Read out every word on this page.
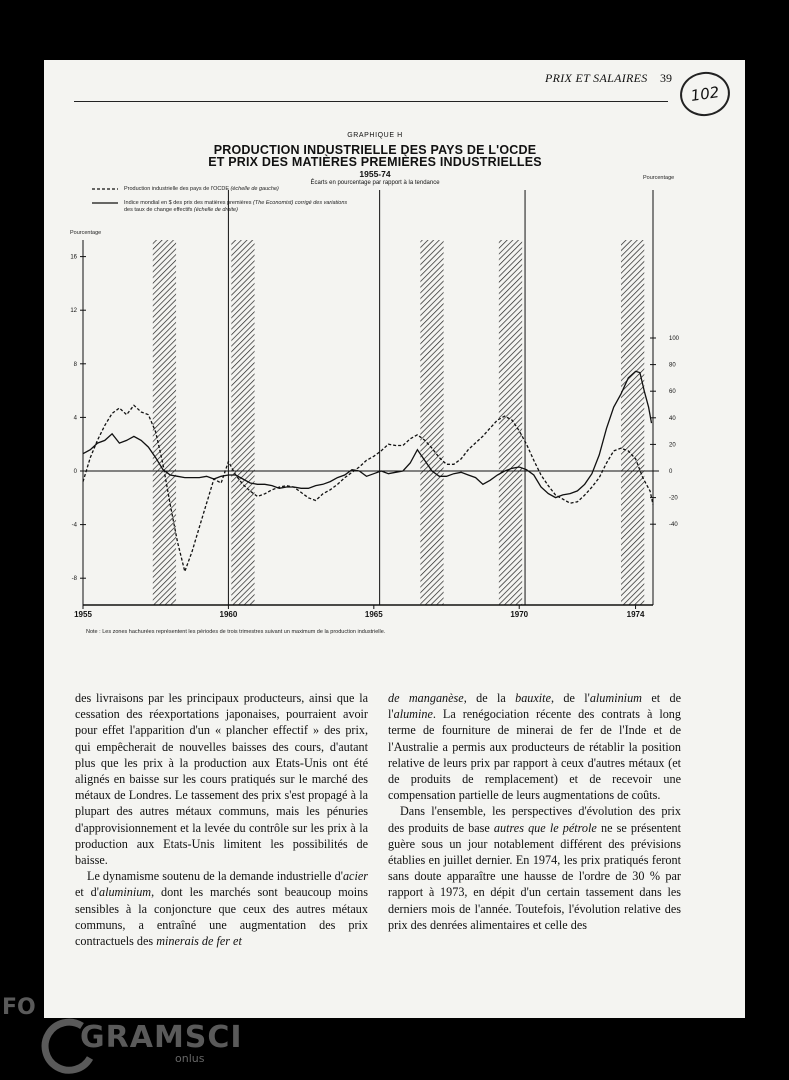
PRIX ET SALAIRES 39
102
GRAPHIQUE H
PRODUCTION INDUSTRIELLE DES PAYS DE L'OCDE
ET PRIX DES MATIÈRES PREMIÈRES INDUSTRIELLES
1955-74
Écarts en pourcentage par rapport à la tendance
Production industrielle des pays de l'OCDE (échelle de gauche)
Indice mondial en $ des prix des matières premières (The Economist) corrigé des variations
des taux de change effectifs (échelle de droite)
Pourcentage
Pourcentage
16
12
8
4
0
-4
-8
100
80
60
40
20
0
-20
-40
1955	1960	1965	1970	1974
Note : Les zones hachurées représentent les périodes de trois trimestres suivant un maximum de la production industrielle.

des livraisons par les principaux producteurs, ainsi que la cessation des réexportations japonaises, pourraient avoir pour effet l'apparition d'un « plancher effectif » des prix, qui empêcherait de nouvelles baisses des cours, d'autant plus que les prix à la production aux Etats-Unis ont été alignés en baisse sur les cours pratiqués sur le marché des métaux de Londres. Le tassement des prix s'est propagé à la plupart des autres métaux communs, mais les pénuries d'approvisionnement et la levée du contrôle sur les prix à la production aux Etats-Unis limitent les possibilités de baisse.

Le dynamisme soutenu de la demande industrielle d'acier et d'aluminium, dont les marchés sont beaucoup moins sensibles à la conjoncture que ceux des autres métaux communs, a entraîné une augmentation des prix contractuels des minerais de fer et

de manganèse, de la bauxite, de l'aluminium et de l'alumine. La renégociation récente des contrats à long terme de fourniture de minerai de fer de l'Inde et de l'Australie a permis aux producteurs de rétablir la position relative de leurs prix par rapport à ceux d'autres métaux (et de produits de remplacement) et de recevoir une compensation partielle de leurs augmentations de coûts.

Dans l'ensemble, les perspectives d'évolution des prix des produits de base autres que le pétrole ne se présentent guère sous un jour notablement différent des prévisions établies en juillet dernier. En 1974, les prix pratiqués feront sans doute apparaître une hausse de l'ordre de 30 % par rapport à 1973, en dépit d'un certain tassement dans les derniers mois de l'année. Toutefois, l'évolution relative des prix des denrées alimentaires et celle des

FO
GRAMSCI
onlus
